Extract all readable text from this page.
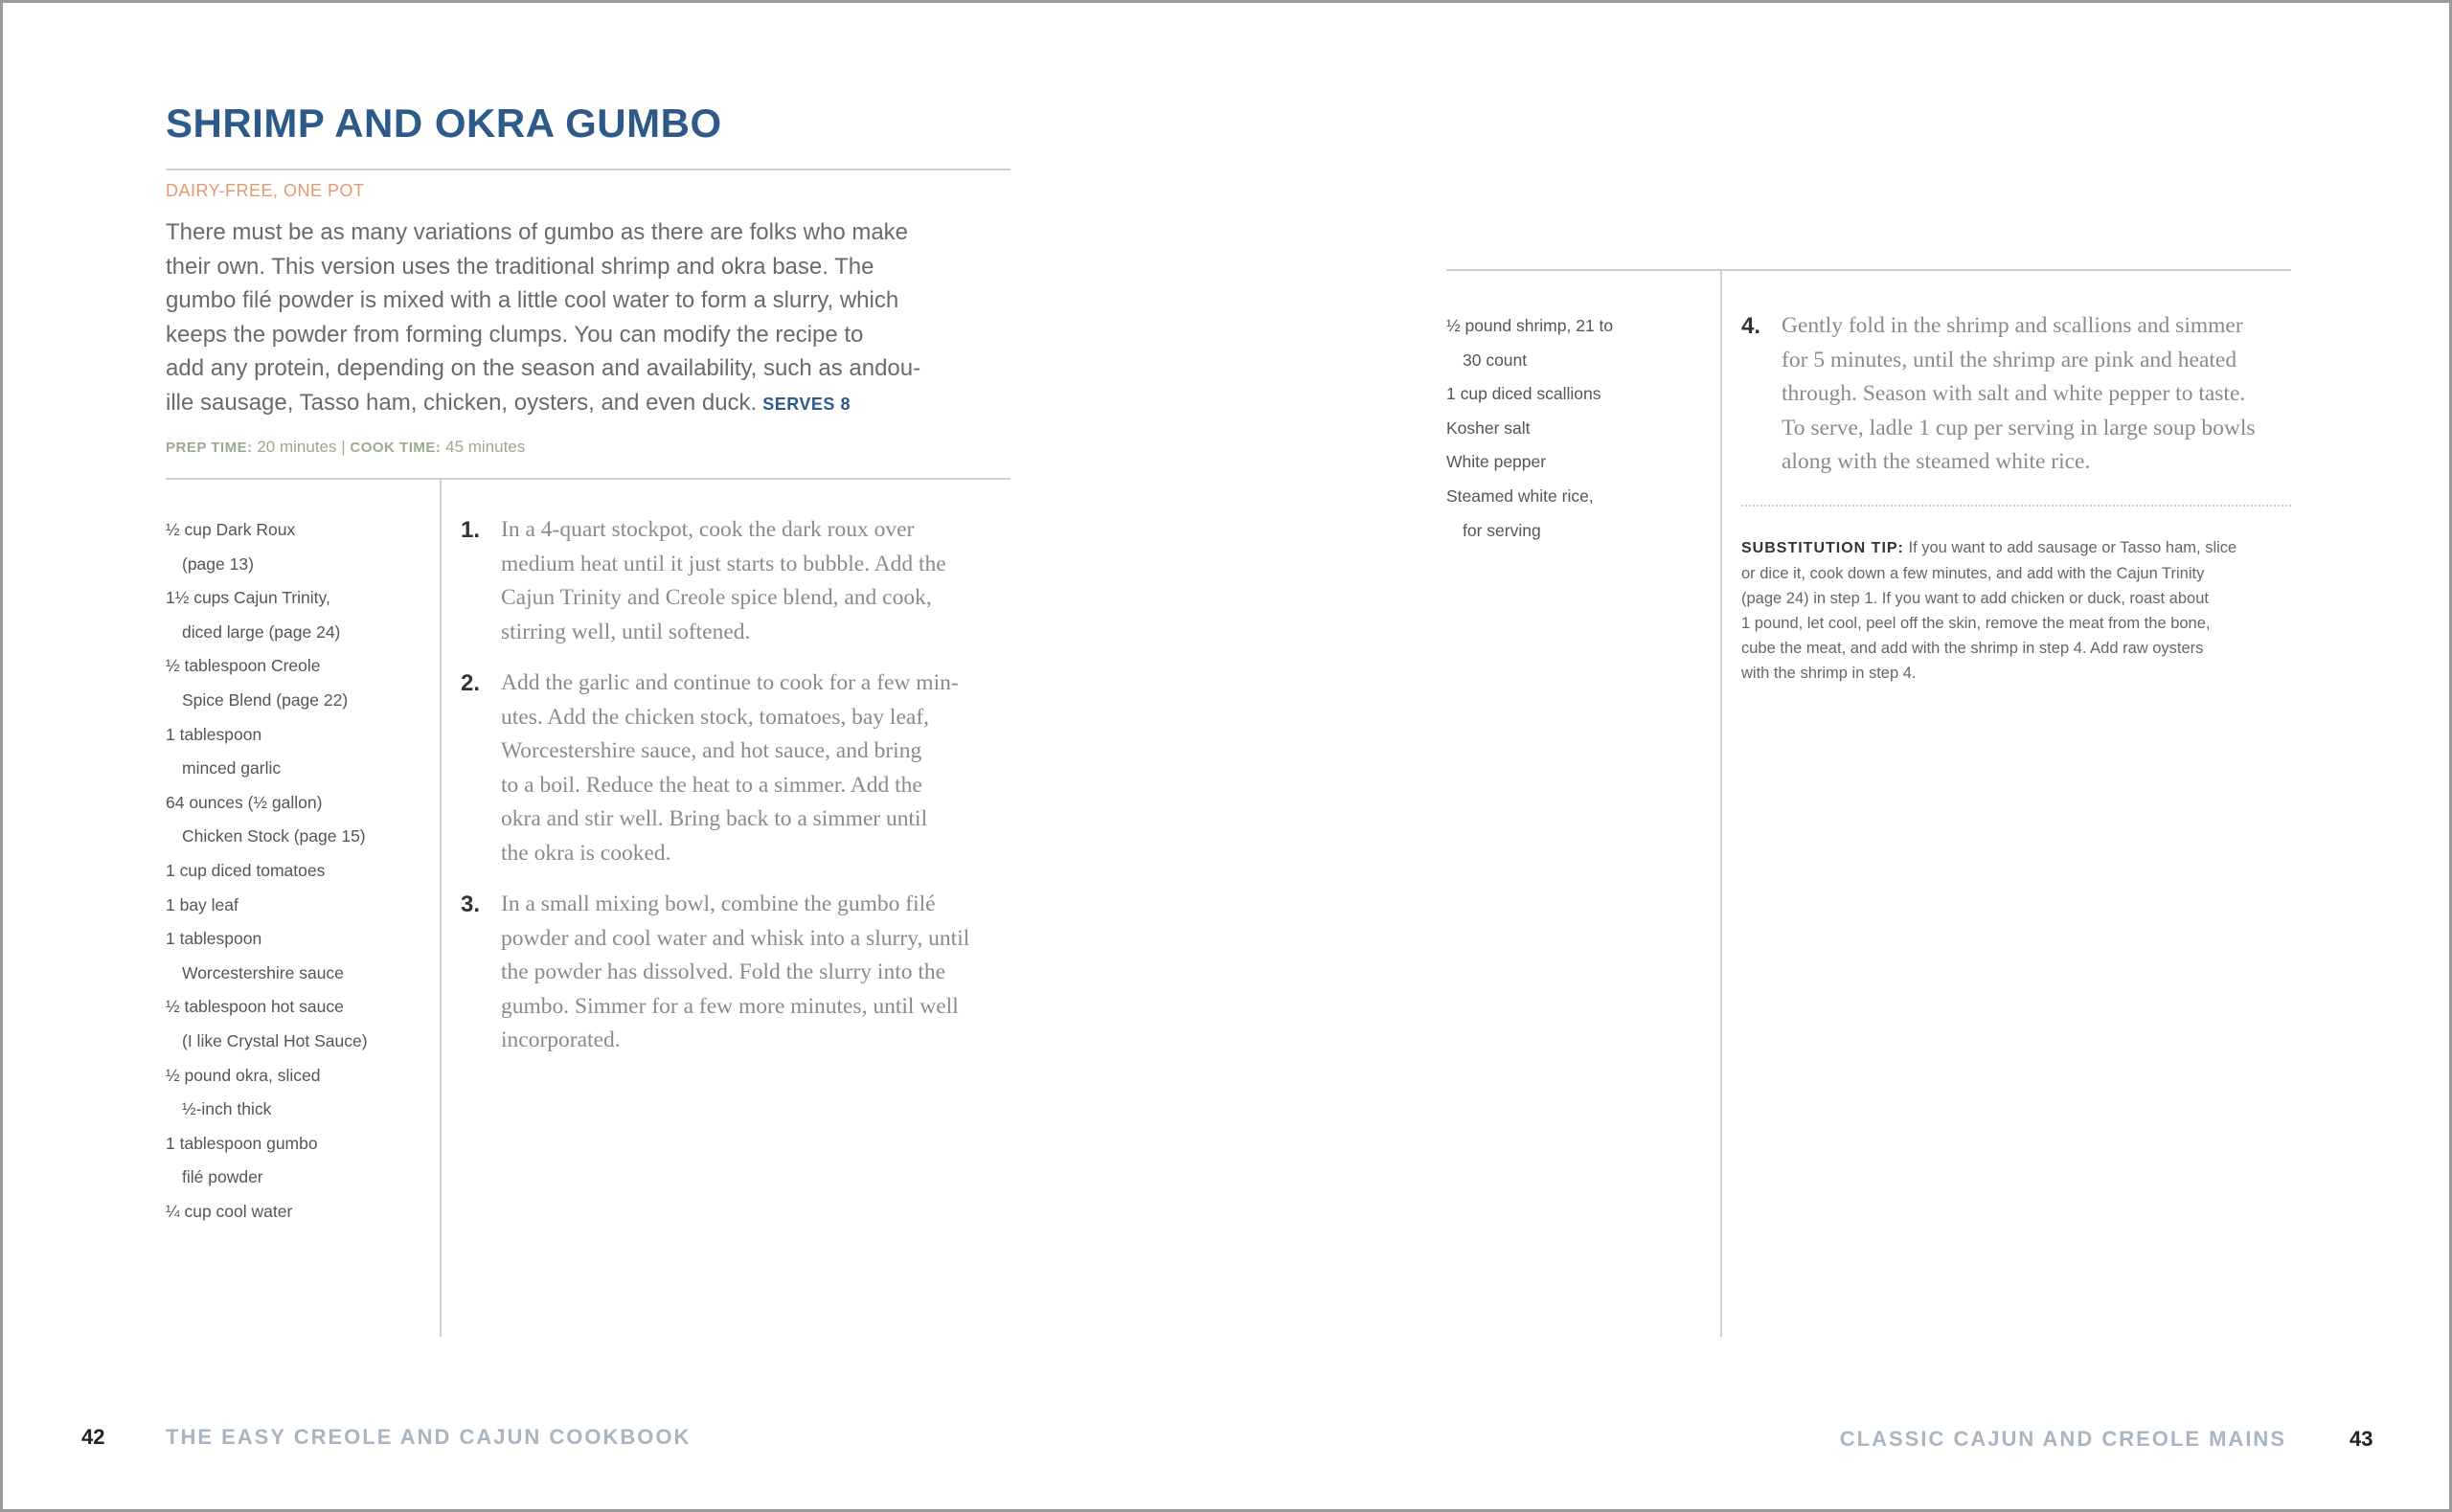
SHRIMP AND OKRA GUMBO
DAIRY-FREE, ONE POT
There must be as many variations of gumbo as there are folks who make
their own. This version uses the traditional shrimp and okra base. The
gumbo filé powder is mixed with a little cool water to form a slurry, which
keeps the powder from forming clumps. You can modify the recipe to
add any protein, depending on the season and availability, such as andou-
ille sausage, Tasso ham, chicken, oysters, and even duck. SERVES 8
PREP TIME: 20 minutes | COOK TIME: 45 minutes
½ cup Dark Roux
(page 13)
1½ cups Cajun Trinity,
diced large (page 24)
½ tablespoon Creole
Spice Blend (page 22)
1 tablespoon
minced garlic
64 ounces (½ gallon)
Chicken Stock (page 15)
1 cup diced tomatoes
1 bay leaf
1 tablespoon
Worcestershire sauce
½ tablespoon hot sauce
(I like Crystal Hot Sauce)
½ pound okra, sliced
½-inch thick
1 tablespoon gumbo
filé powder
¼ cup cool water
1. In a 4-quart stockpot, cook the dark roux over
medium heat until it just starts to bubble. Add the
Cajun Trinity and Creole spice blend, and cook,
stirring well, until softened.
2. Add the garlic and continue to cook for a few min-
utes. Add the chicken stock, tomatoes, bay leaf,
Worcestershire sauce, and hot sauce, and bring
to a boil. Reduce the heat to a simmer. Add the
okra and stir well. Bring back to a simmer until
the okra is cooked.
3. In a small mixing bowl, combine the gumbo filé
powder and cool water and whisk into a slurry, until
the powder has dissolved. Fold the slurry into the
gumbo. Simmer for a few more minutes, until well
incorporated.
½ pound shrimp, 21 to
30 count
1 cup diced scallions
Kosher salt
White pepper
Steamed white rice,
for serving
4. Gently fold in the shrimp and scallions and simmer
for 5 minutes, until the shrimp are pink and heated
through. Season with salt and white pepper to taste.
To serve, ladle 1 cup per serving in large soup bowls
along with the steamed white rice.
SUBSTITUTION TIP: If you want to add sausage or Tasso ham, slice
or dice it, cook down a few minutes, and add with the Cajun Trinity
(page 24) in step 1. If you want to add chicken or duck, roast about
1 pound, let cool, peel off the skin, remove the meat from the bone,
cube the meat, and add with the shrimp in step 4. Add raw oysters
with the shrimp in step 4.
42	THE EASY CREOLE AND CAJUN COOKBOOK	CLASSIC CAJUN AND CREOLE MAINS	43
